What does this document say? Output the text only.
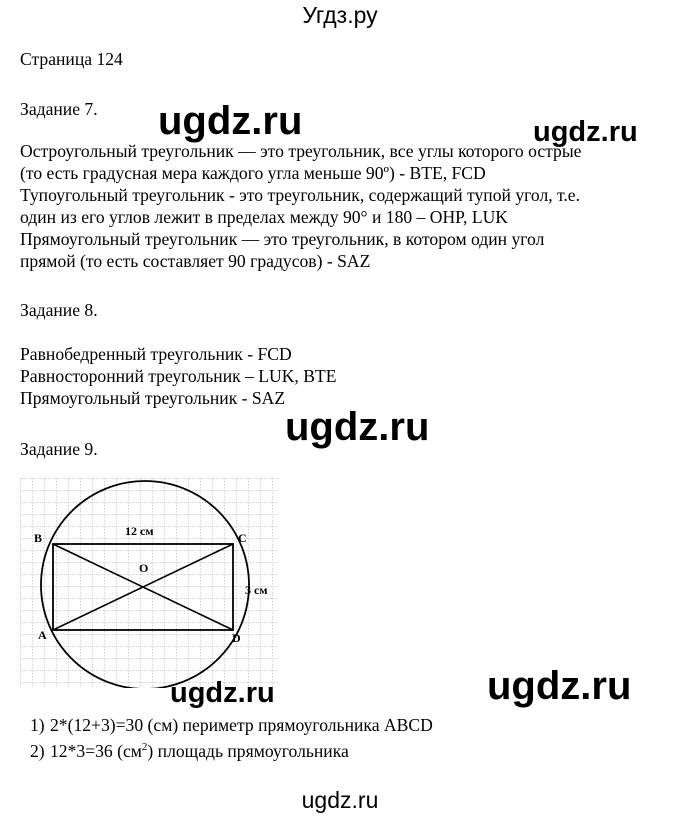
Угдз.ру
Страница 124
Задание 7. ugdz.ru	ugdz.ru
Остроугольный треугольник — это треугольник, все углы которого острые
(то есть градусная мера каждого угла меньше 90º) - BTE, FCD
Тупоугольный треугольник - это треугольник, содержащий тупой угол, т.е.
один из его углов лежит в пределах между 90° и 180 – OHP, LUK
Прямоугольный треугольник — это треугольник, в котором один угол
прямой (то есть составляет 90 градусов) - SAZ
Задание 8.
Равнобедренный треугольник - FCD
Равносторонний треугольник – LUK, BTE
Прямоугольный треугольник - SAZ
ugdz.ru
Задание 9.
B	C
A	D
O
12 см
3 см
ugdz.ru	ugdz.ru
1) 2*(12+3)=30 (см) периметр прямоугольника ABCD
2) 12*3=36 $(см^2)$ площадь прямоугольника
ugdz.ru
